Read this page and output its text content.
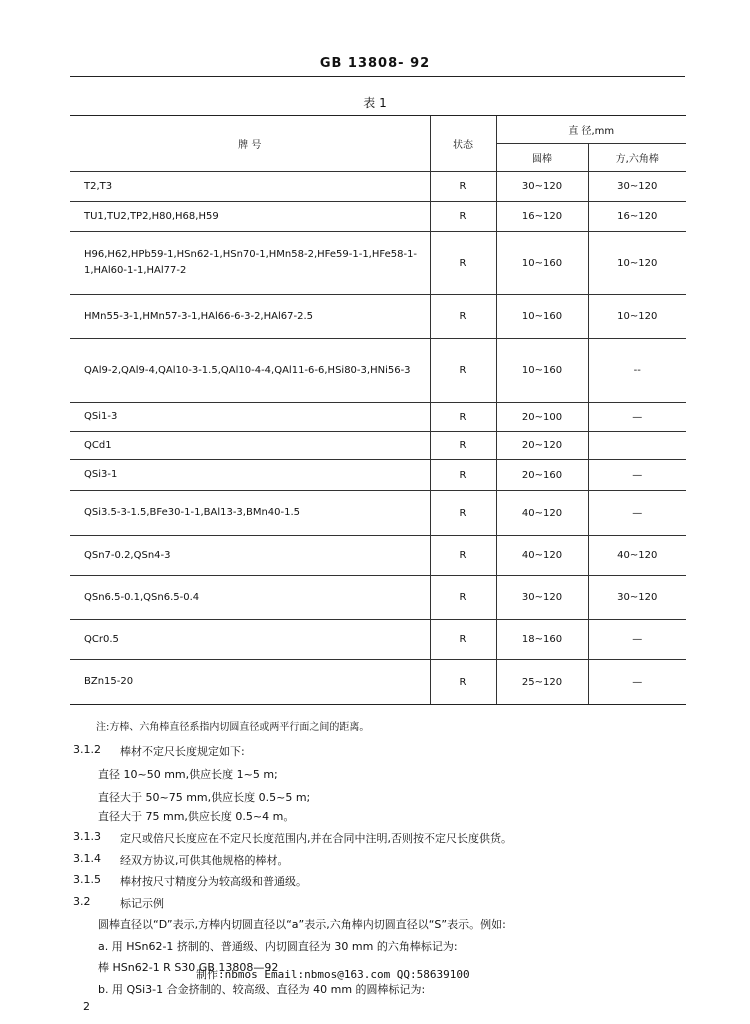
GB 13808- 92
表 1
牌 号	状态	直 径,mm	
		圆棒	方,六角棒
T2,T3	R	30~120	30~120
TU1,TU2,TP2,H80,H68,H59	R	16~120	16~120
H96,H62,HPb59-1,HSn62-1,HSn70-1,HMn58-2,HFe59-1-1,HFe58-1-1,HAl60-1-1,HAl77-2	R	10~160	10~120
HMn55-3-1,HMn57-3-1,HAl66-6-3-2,HAl67-2.5	R	10~160	10~120
QAl9-2,QAl9-4,QAl10-3-1.5,QAl10-4-4,QAl11-6-6,HSi80-3,HNi56-3	R	10~160	--
QSi1-3	R	20~100	—
QCd1	R	20~120	
QSi3-1	R	20~160	—
QSi3.5-3-1.5,BFe30-1-1,BAl13-3,BMn40-1.5	R	40~120	—
QSn7-0.2,QSn4-3	R	40~120	40~120
QSn6.5-0.1,QSn6.5-0.4	R	30~120	30~120
QCr0.5	R	18~160	—
BZn15-20	R	25~120	—
注:方棒、六角棒直径系指内切圆直径或两平行面之间的距离。
3.1.2 棒材不定尺长度规定如下:
直径 10~50 mm,供应长度 1~5 m;
直径大于 50~75 mm,供应长度 0.5~5 m;
直径大于 75 mm,供应长度 0.5~4 m。
3.1.3 定尺或倍尺长度应在不定尺长度范围内,并在合同中注明,否则按不定尺长度供货。
3.1.4 经双方协议,可供其他规格的棒材。
3.1.5 棒材按尺寸精度分为较高级和普通级。
3.2	标记示例
圆棒直径以“D”表示,方棒内切圆直径以“a”表示,六角棒内切圆直径以“S”表示。例如:
a. 用 HSn62-1 挤制的、普通级、内切圆直径为 30 mm 的六角棒标记为:
棒 HSn62-1 R S30 GB 13808—92
b. 用 QSi3-1 合金挤制的、较高级、直径为 40 mm 的圆棒标记为:
制作:nbmos Email:nbmos@163.com QQ:58639100
2
